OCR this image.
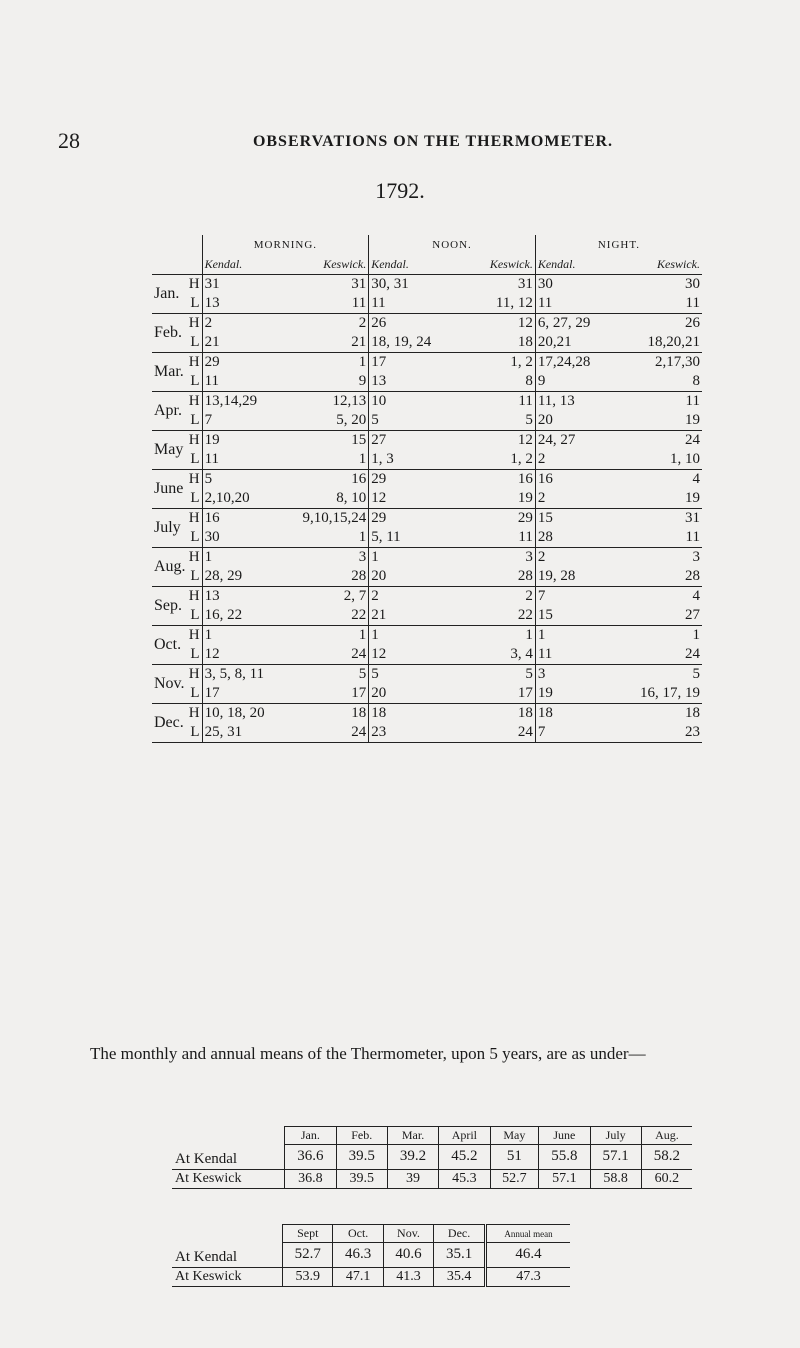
28	OBSERVATIONS ON THE THERMOMETER.
1792.
	MORNING.		NOON.		NIGHT.	
	Kendal.	Keswick.	Kendal.	Keswick.	Kendal.	Keswick.

Jan.
H	31	31	30, 31	31	30	30

L	13	11	11	11, 12	11	11

Feb.
H	2	2	26	12	6, 27, 29	26

L	21	21	18, 19, 24	18	20,21	18,20,21

Mar.
H	29	1	17	1, 2	17,24,28	2,17,30

L	11	9	13	8	9	8

Apr.
H	13,14,29	12,13	10	11	11, 13	11

L	7	5, 20	5	5	20	19

May
H	19	15	27	12	24, 27	24

L	11	1	1, 3	1, 2	2	1, 10

June
H	5	16	29	16	16	4

L	2,10,20	8, 10	12	19	2	19

July
H	16	9,10,15,24	29	29	15	31

L	30	1	5, 11	11	28	11

Aug.
H	1	3	1	3	2	3

L	28, 29	28	20	28	19, 28	28

Sep.
H	13	2, 7	2	2	7	4

L	16, 22	22	21	22	15	27

Oct.
H	1	1	1	1	1	1

L	12	24	12	3, 4	11	24

Nov.
H	3, 5, 8, 11	5	5	5	3	5

L	17	17	20	17	19	16, 17, 19

Dec.
H	10, 18, 20	18	18	18	18	18

L	25, 31	24	23	24	7	23

The monthly and annual means of the Thermometer, upon 5 years, are as under—

	Jan.	Feb.	Mar.	April	May	June	July	Aug.
At Kendal	36.6	39.5	39.2	45.2	51	55.8	57.1	58.2
At Keswick	36.8	39.5	39	45.3	52.7	57.1	58.8	60.2
	Sept	Oct.	Nov.	Dec.	Annual mean
At Kendal	52.7	46.3	40.6	35.1	46.4
At Keswick	53.9	47.1	41.3	35.4	47.3
